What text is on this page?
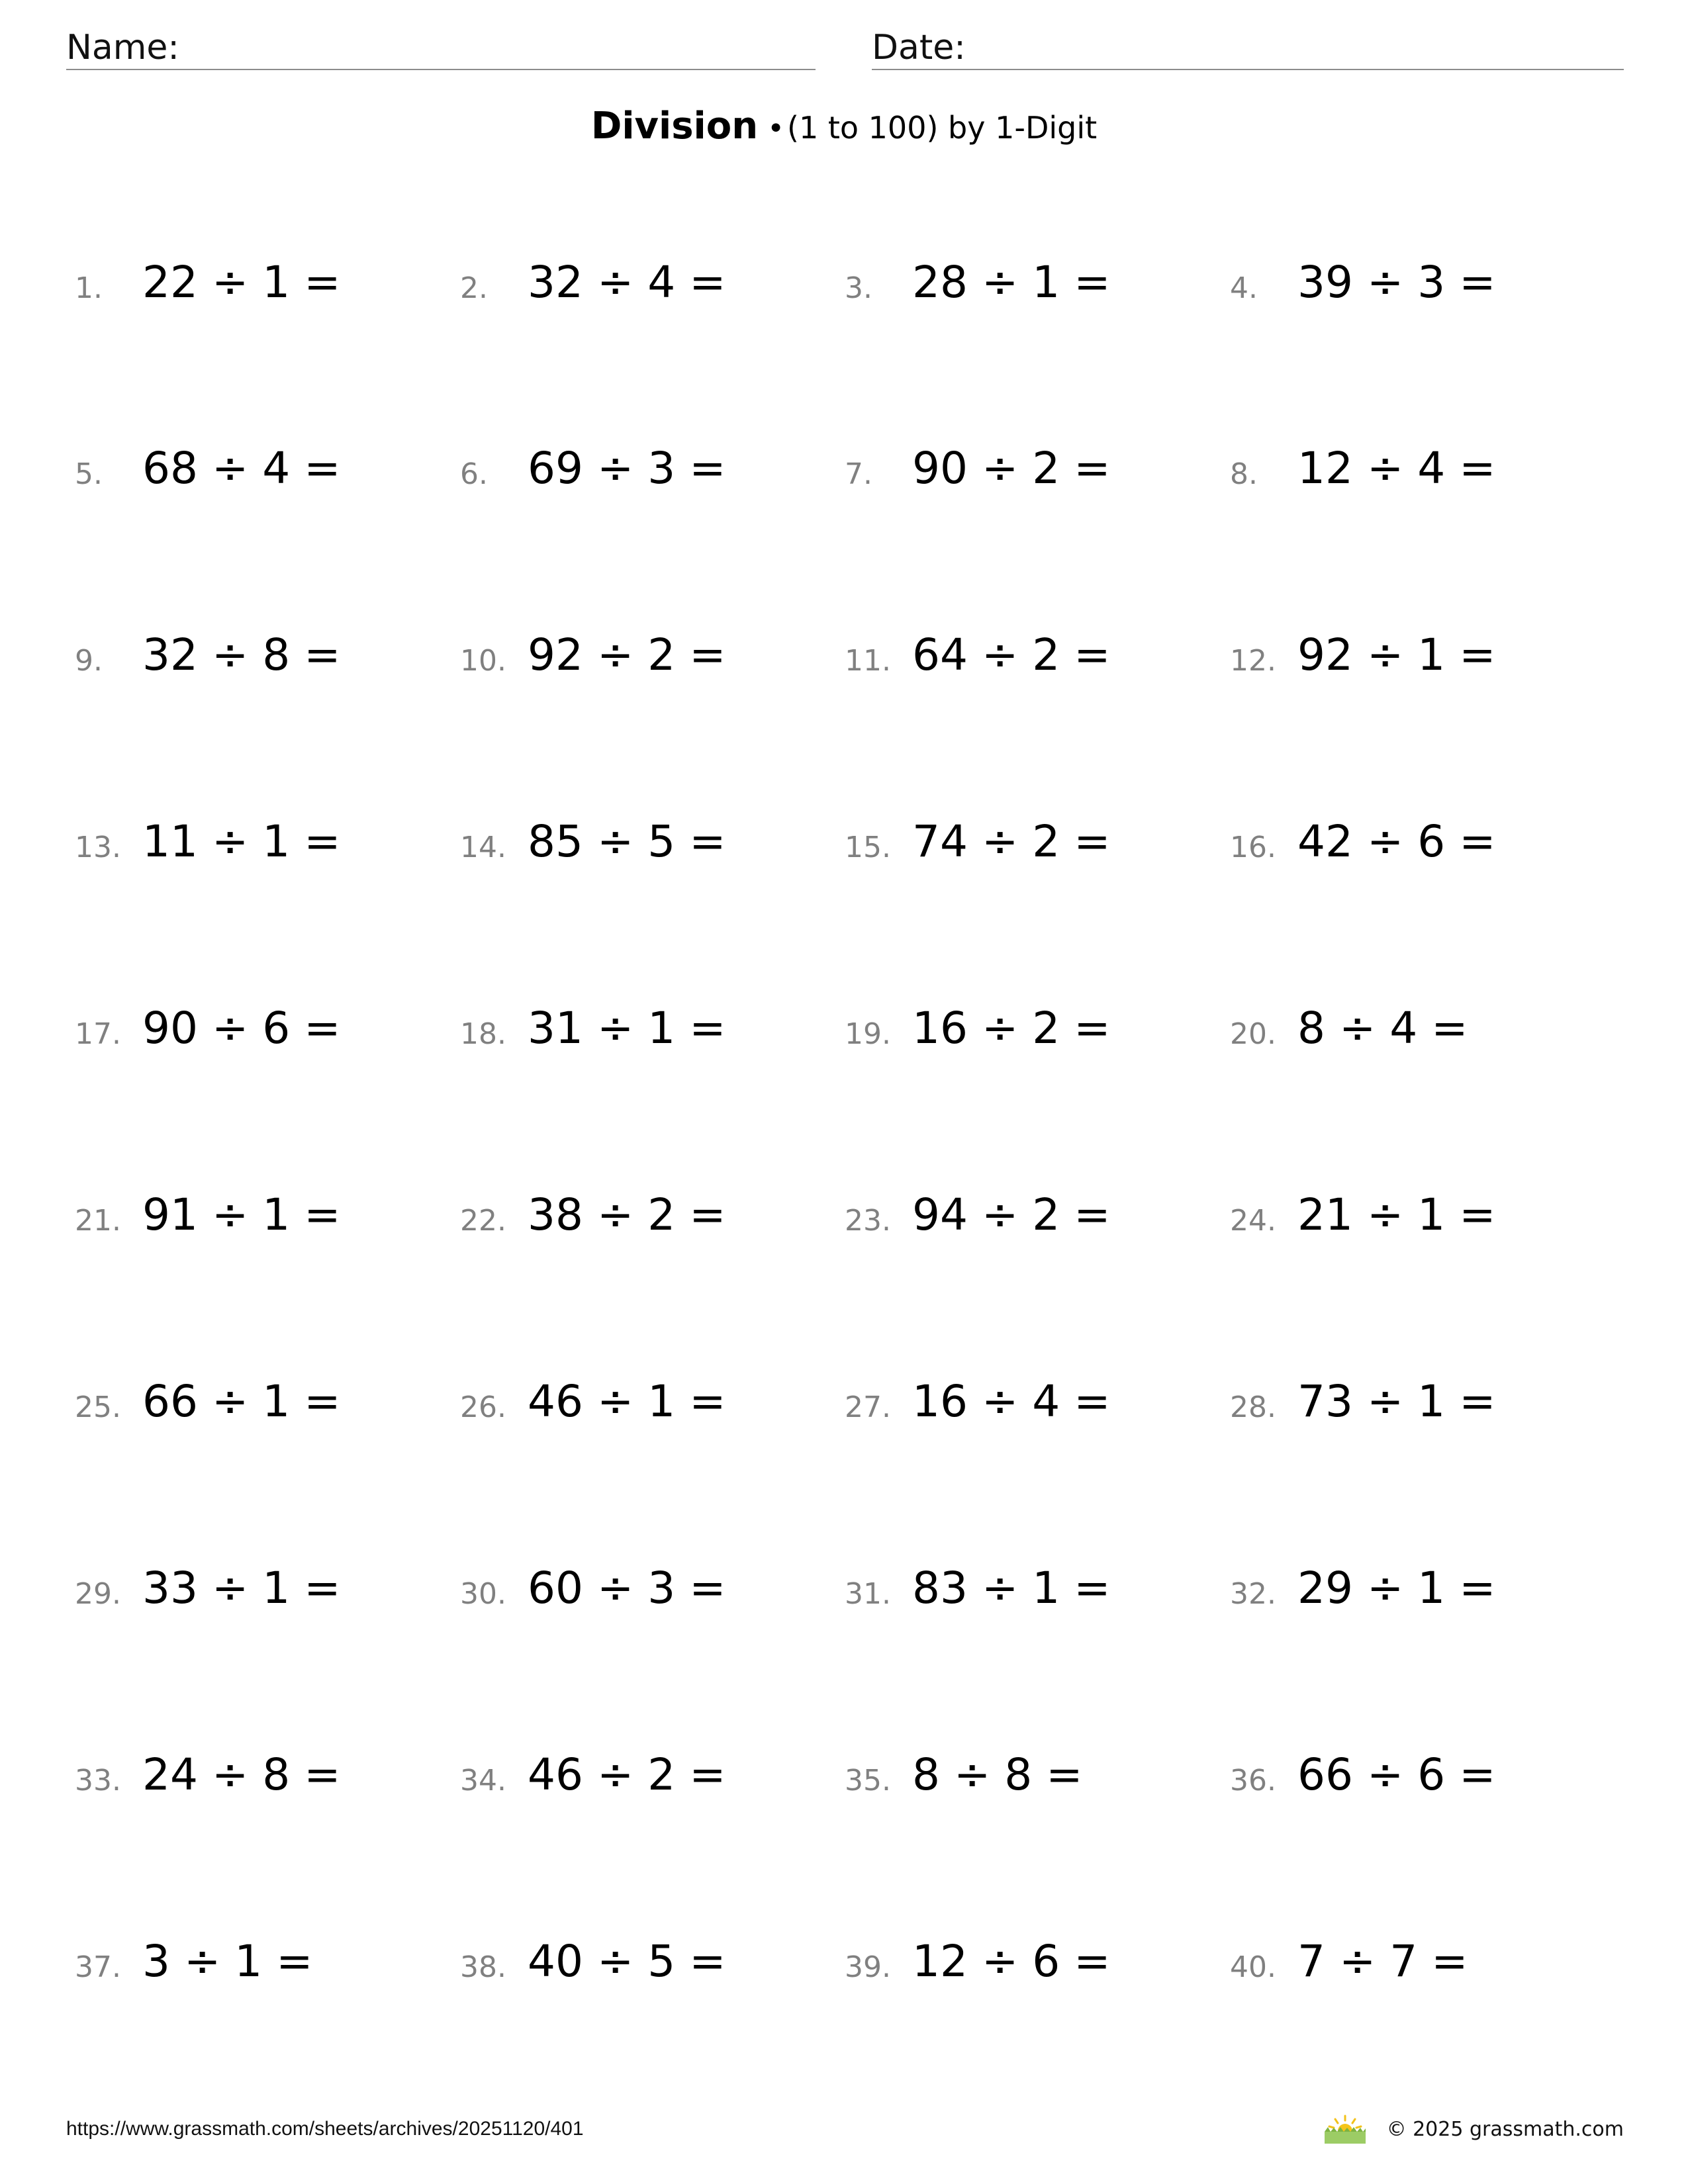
Name:	Date:
Division •(1 to 100) by 1-Digit
1. 22 ÷ 1 =	2. 32 ÷ 4 =	3. 28 ÷ 1 =	4. 39 ÷ 3 =
5. 68 ÷ 4 =	6. 69 ÷ 3 =	7. 90 ÷ 2 =	8. 12 ÷ 4 =
9. 32 ÷ 8 =	10. 92 ÷ 2 =	11. 64 ÷ 2 =	12. 92 ÷ 1 =
13. 11 ÷ 1 =	14. 85 ÷ 5 =	15. 74 ÷ 2 =	16. 42 ÷ 6 =
17. 90 ÷ 6 =	18. 31 ÷ 1 =	19. 16 ÷ 2 =	20. 8 ÷ 4 =
21. 91 ÷ 1 =	22. 38 ÷ 2 =	23. 94 ÷ 2 =	24. 21 ÷ 1 =
25. 66 ÷ 1 =	26. 46 ÷ 1 =	27. 16 ÷ 4 =	28. 73 ÷ 1 =
29. 33 ÷ 1 =	30. 60 ÷ 3 =	31. 83 ÷ 1 =	32. 29 ÷ 1 =
33. 24 ÷ 8 =	34. 46 ÷ 2 =	35. 8 ÷ 8 =	36. 66 ÷ 6 =
37. 3 ÷ 1 =	38. 40 ÷ 5 =	39. 12 ÷ 6 =	40. 7 ÷ 7 =
https://www.grassmath.com/sheets/archives/20251120/401	© 2025 grassmath.com
